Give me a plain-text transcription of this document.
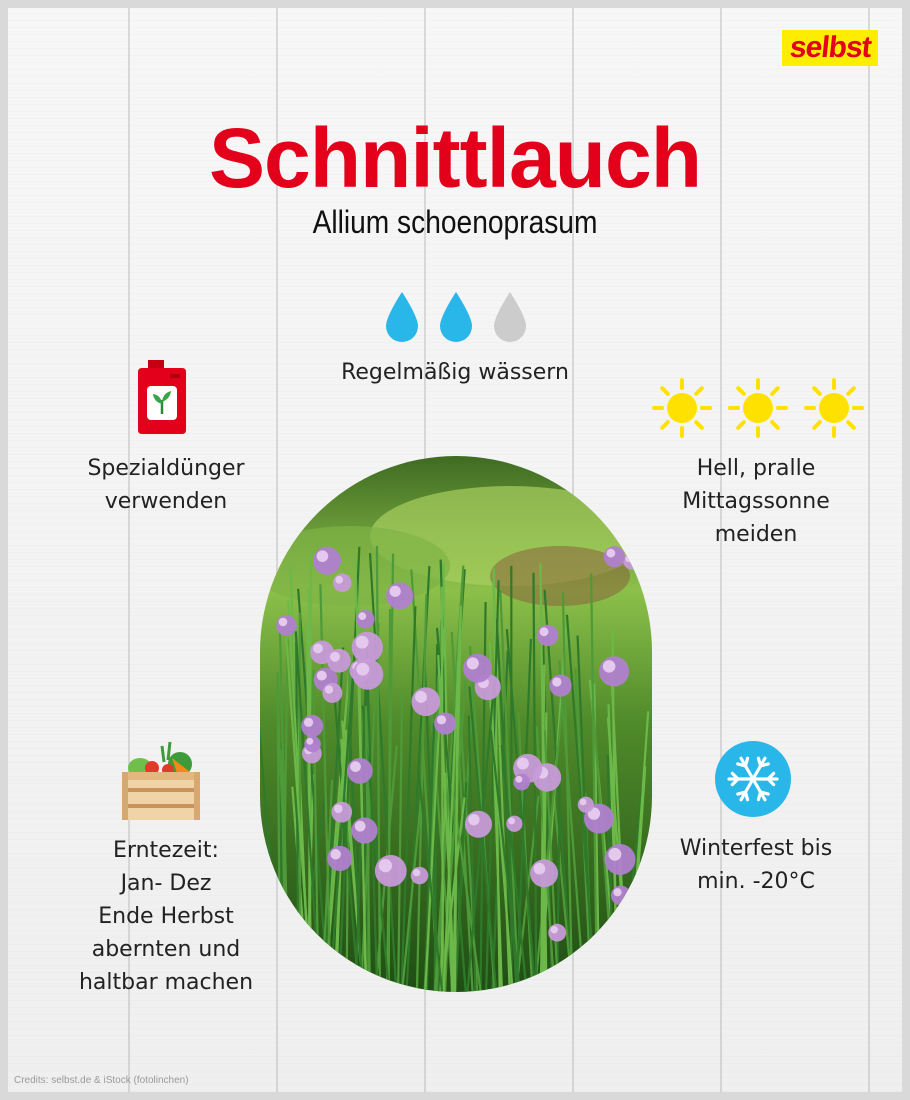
selbst
Schnittlauch
Allium schoenoprasum
Regelmäßig wässern
Spezialdünger
verwenden
Hell, pralle
Mittagssonne
meiden
Erntezeit:
Jan- Dez
Ende Herbst
abernten und
haltbar machen
Winterfest bis
min. -20°C
Credits: selbst.de & iStock (fotolinchen)
